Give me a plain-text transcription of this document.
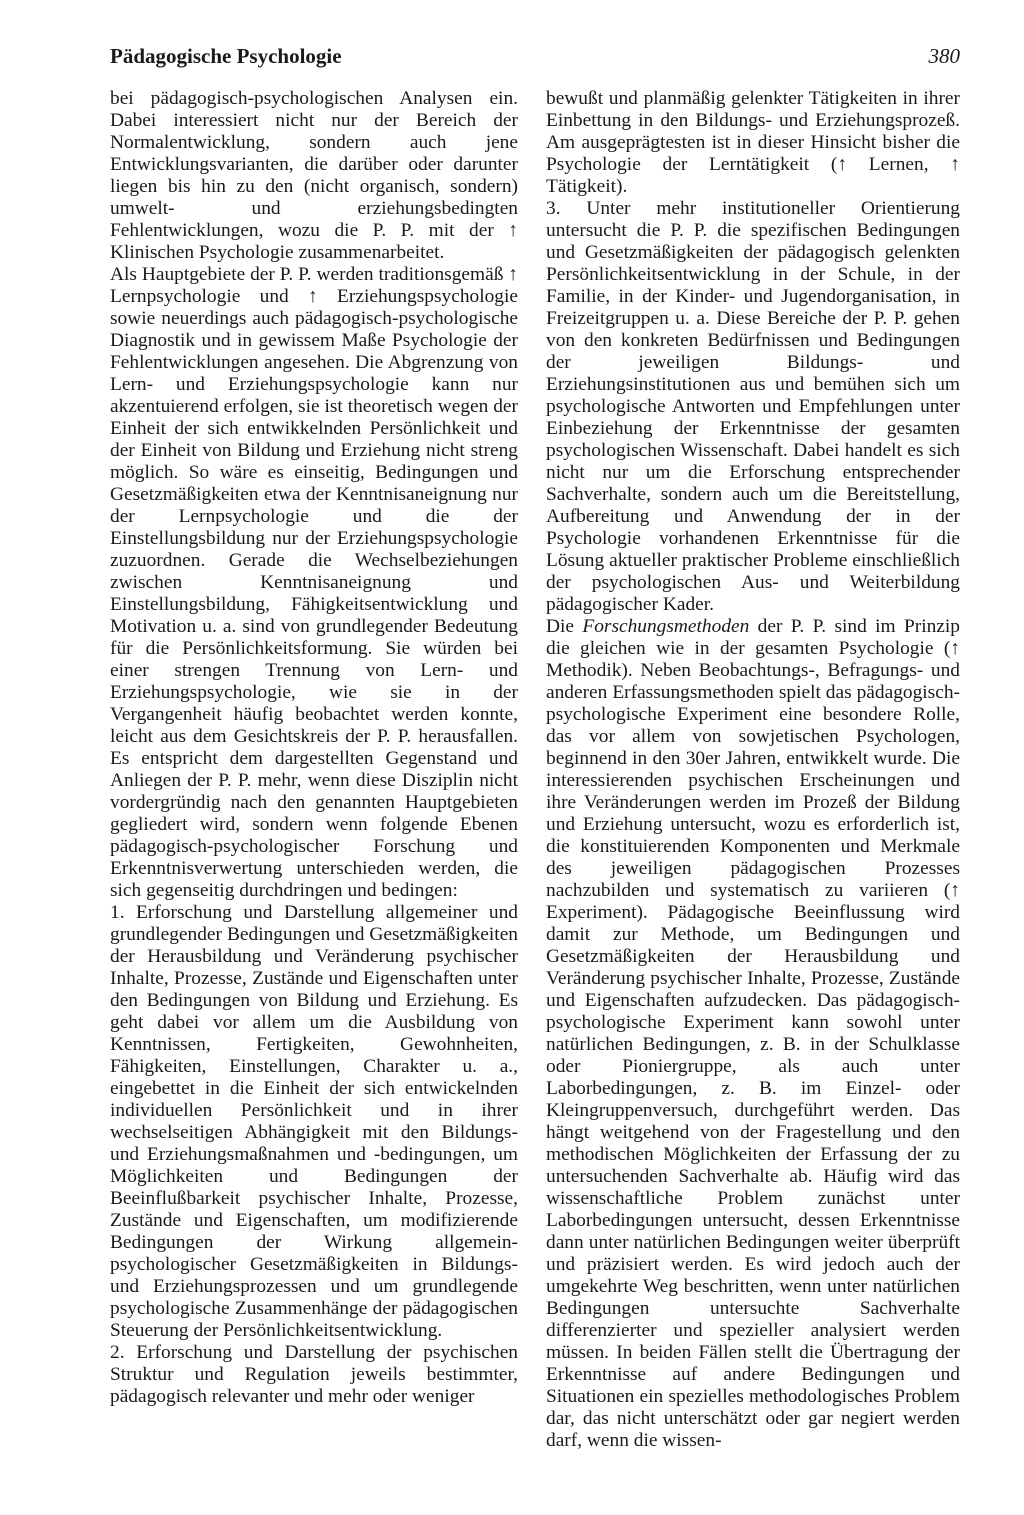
Pädagogische Psychologie	380

bei pädagogisch-psychologischen Analysen ein. Dabei interessiert nicht nur der Bereich der Normalentwicklung, sondern auch jene Entwicklungsvarianten, die darüber oder darunter liegen bis hin zu den (nicht organisch, sondern) umwelt- und erziehungsbedingten Fehlentwicklungen, wozu die P. P. mit der ↑ Klinischen Psychologie zusammenarbeitet.

Als Hauptgebiete der P. P. werden traditionsgemäß ↑ Lernpsychologie und ↑ Erziehungspsychologie sowie neuerdings auch pädagogisch-psychologische Diagnostik und in gewissem Maße Psychologie der Fehlentwicklungen angesehen. Die Abgrenzung von Lern- und Erziehungspsychologie kann nur akzentuierend erfolgen, sie ist theoretisch wegen der Einheit der sich entwikkelnden Persönlichkeit und der Einheit von Bildung und Erziehung nicht streng möglich. So wäre es einseitig, Bedingungen und Gesetzmäßigkeiten etwa der Kenntnisaneignung nur der Lernpsychologie und die der Einstellungsbildung nur der Erziehungspsychologie zuzuordnen. Gerade die Wechselbeziehungen zwischen Kenntnisaneignung und Einstellungsbildung, Fähigkeitsentwicklung und Motivation u. a. sind von grundlegender Bedeutung für die Persönlichkeitsformung. Sie würden bei einer strengen Trennung von Lern- und Erziehungspsychologie, wie sie in der Vergangenheit häufig beobachtet werden konnte, leicht aus dem Gesichtskreis der P. P. herausfallen. Es entspricht dem dargestellten Gegenstand und Anliegen der P. P. mehr, wenn diese Disziplin nicht vordergründig nach den genannten Hauptgebieten gegliedert wird, sondern wenn folgende Ebenen pädagogisch-psychologischer Forschung und Erkenntnisverwertung unterschieden werden, die sich gegenseitig durchdringen und bedingen:

1. Erforschung und Darstellung allgemeiner und grundlegender Bedingungen und Gesetzmäßigkeiten der Herausbildung und Veränderung psychischer Inhalte, Prozesse, Zustände und Eigenschaften unter den Bedingungen von Bildung und Erziehung. Es geht dabei vor allem um die Ausbildung von Kenntnissen, Fertigkeiten, Gewohnheiten, Fähigkeiten, Einstellungen, Charakter u. a., eingebettet in die Einheit der sich entwickelnden individuellen Persönlichkeit und in ihrer wechselseitigen Abhängigkeit mit den Bildungs- und Erziehungsmaßnahmen und -bedingungen, um Möglichkeiten und Bedingungen der Beeinflußbarkeit psychischer Inhalte, Prozesse, Zustände und Eigenschaften, um modifizierende Bedingungen der Wirkung allgemein-psychologischer Gesetzmäßigkeiten in Bildungs- und Erziehungsprozessen und um grundlegende psychologische Zusammenhänge der pädagogischen Steuerung der Persönlichkeitsentwicklung.

2. Erforschung und Darstellung der psychischen Struktur und Regulation jeweils bestimmter, pädagogisch relevanter und mehr oder weniger

bewußt und planmäßig gelenkter Tätigkeiten in ihrer Einbettung in den Bildungs- und Erziehungsprozeß. Am ausgeprägtesten ist in dieser Hinsicht bisher die Psychologie der Lerntätigkeit (↑ Lernen, ↑ Tätigkeit).

3. Unter mehr institutioneller Orientierung untersucht die P. P. die spezifischen Bedingungen und Gesetzmäßigkeiten der pädagogisch gelenkten Persönlichkeitsentwicklung in der Schule, in der Familie, in der Kinder- und Jugendorganisation, in Freizeitgruppen u. a. Diese Bereiche der P. P. gehen von den konkreten Bedürfnissen und Bedingungen der jeweiligen Bildungs- und Erziehungsinstitutionen aus und bemühen sich um psychologische Antworten und Empfehlungen unter Einbeziehung der Erkenntnisse der gesamten psychologischen Wissenschaft. Dabei handelt es sich nicht nur um die Erforschung entsprechender Sachverhalte, sondern auch um die Bereitstellung, Aufbereitung und Anwendung der in der Psychologie vorhandenen Erkenntnisse für die Lösung aktueller praktischer Probleme einschließlich der psychologischen Aus- und Weiterbildung pädagogischer Kader.

Die Forschungsmethoden der P. P. sind im Prinzip die gleichen wie in der gesamten Psychologie (↑ Methodik). Neben Beobachtungs-, Befragungs- und anderen Erfassungsmethoden spielt das pädagogisch-psychologische Experiment eine besondere Rolle, das vor allem von sowjetischen Psychologen, beginnend in den 30er Jahren, entwikkelt wurde. Die interessierenden psychischen Erscheinungen und ihre Veränderungen werden im Prozeß der Bildung und Erziehung untersucht, wozu es erforderlich ist, die konstituierenden Komponenten und Merkmale des jeweiligen pädagogischen Prozesses nachzubilden und systematisch zu variieren (↑ Experiment). Pädagogische Beeinflussung wird damit zur Methode, um Bedingungen und Gesetzmäßigkeiten der Herausbildung und Veränderung psychischer Inhalte, Prozesse, Zustände und Eigenschaften aufzudecken. Das pädagogisch-psychologische Experiment kann sowohl unter natürlichen Bedingungen, z. B. in der Schulklasse oder Pioniergruppe, als auch unter Laborbedingungen, z. B. im Einzel- oder Kleingruppenversuch, durchgeführt werden. Das hängt weitgehend von der Fragestellung und den methodischen Möglichkeiten der Erfassung der zu untersuchenden Sachverhalte ab. Häufig wird das wissenschaftliche Problem zunächst unter Laborbedingungen untersucht, dessen Erkenntnisse dann unter natürlichen Bedingungen weiter überprüft und präzisiert werden. Es wird jedoch auch der umgekehrte Weg beschritten, wenn unter natürlichen Bedingungen untersuchte Sachverhalte differenzierter und spezieller analysiert werden müssen. In beiden Fällen stellt die Übertragung der Erkenntnisse auf andere Bedingungen und Situationen ein spezielles methodologisches Problem dar, das nicht unterschätzt oder gar negiert werden darf, wenn die wissen-
